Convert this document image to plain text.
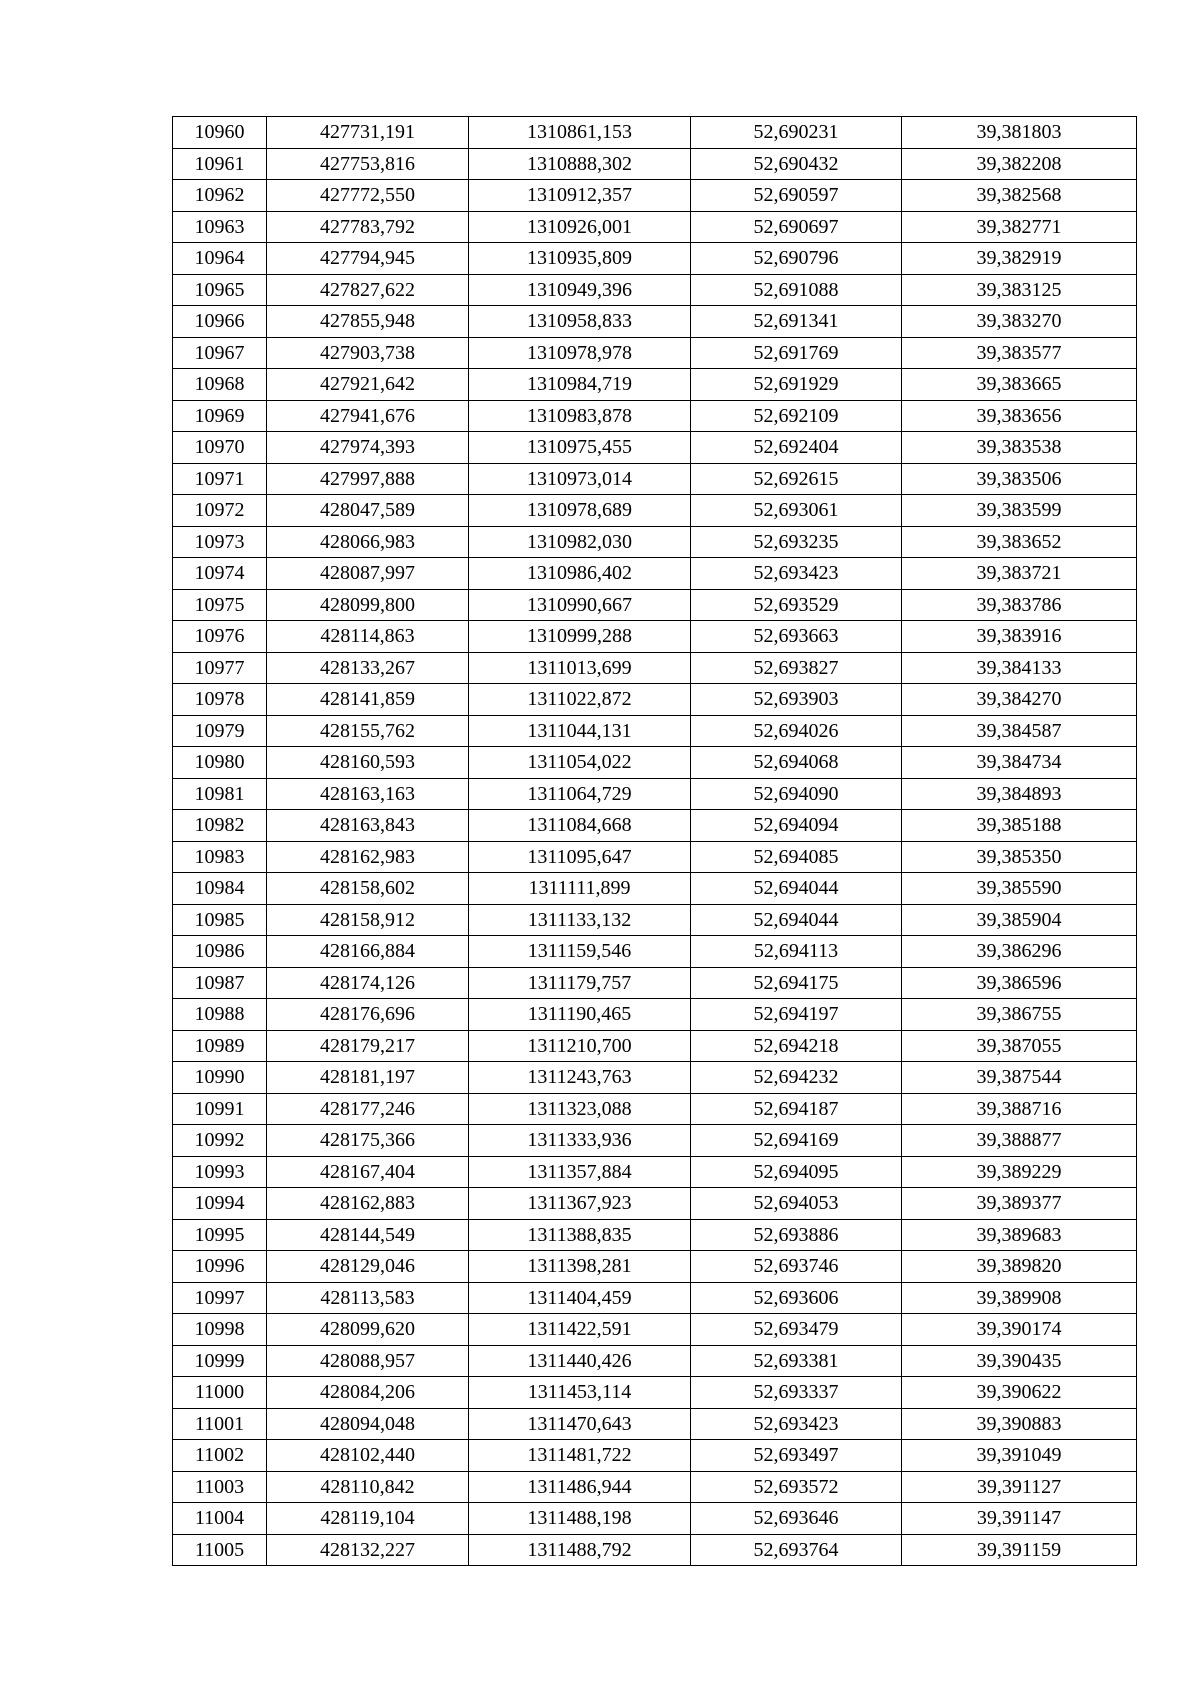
10960	427731,191	1310861,153	52,690231	39,381803
10961	427753,816	1310888,302	52,690432	39,382208
10962	427772,550	1310912,357	52,690597	39,382568
10963	427783,792	1310926,001	52,690697	39,382771
10964	427794,945	1310935,809	52,690796	39,382919
10965	427827,622	1310949,396	52,691088	39,383125
10966	427855,948	1310958,833	52,691341	39,383270
10967	427903,738	1310978,978	52,691769	39,383577
10968	427921,642	1310984,719	52,691929	39,383665
10969	427941,676	1310983,878	52,692109	39,383656
10970	427974,393	1310975,455	52,692404	39,383538
10971	427997,888	1310973,014	52,692615	39,383506
10972	428047,589	1310978,689	52,693061	39,383599
10973	428066,983	1310982,030	52,693235	39,383652
10974	428087,997	1310986,402	52,693423	39,383721
10975	428099,800	1310990,667	52,693529	39,383786
10976	428114,863	1310999,288	52,693663	39,383916
10977	428133,267	1311013,699	52,693827	39,384133
10978	428141,859	1311022,872	52,693903	39,384270
10979	428155,762	1311044,131	52,694026	39,384587
10980	428160,593	1311054,022	52,694068	39,384734
10981	428163,163	1311064,729	52,694090	39,384893
10982	428163,843	1311084,668	52,694094	39,385188
10983	428162,983	1311095,647	52,694085	39,385350
10984	428158,602	1311111,899	52,694044	39,385590
10985	428158,912	1311133,132	52,694044	39,385904
10986	428166,884	1311159,546	52,694113	39,386296
10987	428174,126	1311179,757	52,694175	39,386596
10988	428176,696	1311190,465	52,694197	39,386755
10989	428179,217	1311210,700	52,694218	39,387055
10990	428181,197	1311243,763	52,694232	39,387544
10991	428177,246	1311323,088	52,694187	39,388716
10992	428175,366	1311333,936	52,694169	39,388877
10993	428167,404	1311357,884	52,694095	39,389229
10994	428162,883	1311367,923	52,694053	39,389377
10995	428144,549	1311388,835	52,693886	39,389683
10996	428129,046	1311398,281	52,693746	39,389820
10997	428113,583	1311404,459	52,693606	39,389908
10998	428099,620	1311422,591	52,693479	39,390174
10999	428088,957	1311440,426	52,693381	39,390435
11000	428084,206	1311453,114	52,693337	39,390622
11001	428094,048	1311470,643	52,693423	39,390883
11002	428102,440	1311481,722	52,693497	39,391049
11003	428110,842	1311486,944	52,693572	39,391127
11004	428119,104	1311488,198	52,693646	39,391147
11005	428132,227	1311488,792	52,693764	39,391159
